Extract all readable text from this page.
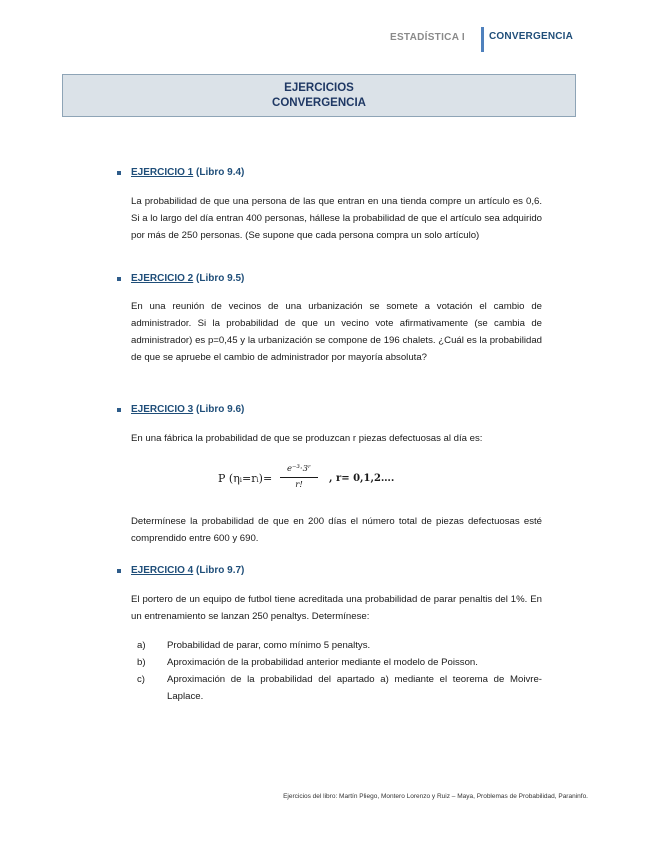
ESTADÍSTICA I CONVERGENCIA
EJERCICIOS
CONVERGENCIA
EJERCICIO 1 (Libro 9.4)
La probabilidad de que una persona de las que entran en una tienda compre un artículo es 0,6. Si a lo largo del día entran 400 personas, hállese la probabilidad de que el artículo sea adquirido por más de 250 personas. (Se supone que cada persona compra un solo artículo)
EJERCICIO 2 (Libro 9.5)
En una reunión de vecinos de una urbanización se somete a votación el cambio de administrador. Si la probabilidad de que un vecino vote afirmativamente (se cambia de administrador) es p=0,45 y la urbanización se compone de 196 chalets. ¿Cuál es la probabilidad de que se apruebe el cambio de administrador por mayoría absoluta?
EJERCICIO 3 (Libro 9.6)
En una fábrica la probabilidad de que se produzcan r piezas defectuosas al día es:
P (ηᵢ=rᵢ)=
e⁻³·3ʳ
r!
, r= 0,1,2….
Determínese la probabilidad de que en 200 días el número total de piezas defectuosas esté comprendido entre 600 y 690.
EJERCICIO 4 (Libro 9.7)
El portero de un equipo de futbol tiene acreditada una probabilidad de parar penaltis del 1%. En un entrenamiento se lanzan 250 penaltys. Determínese:
a) Probabilidad de parar, como mínimo 5 penaltys.
b) Aproximación de la probabilidad anterior mediante el modelo de Poisson.
c) Aproximación de la probabilidad del apartado a) mediante el teorema de Moivre-Laplace.
Ejercicios del libro: Martín Pliego, Montero Lorenzo y Ruiz – Maya, Problemas de Probabilidad, Paraninfo.
